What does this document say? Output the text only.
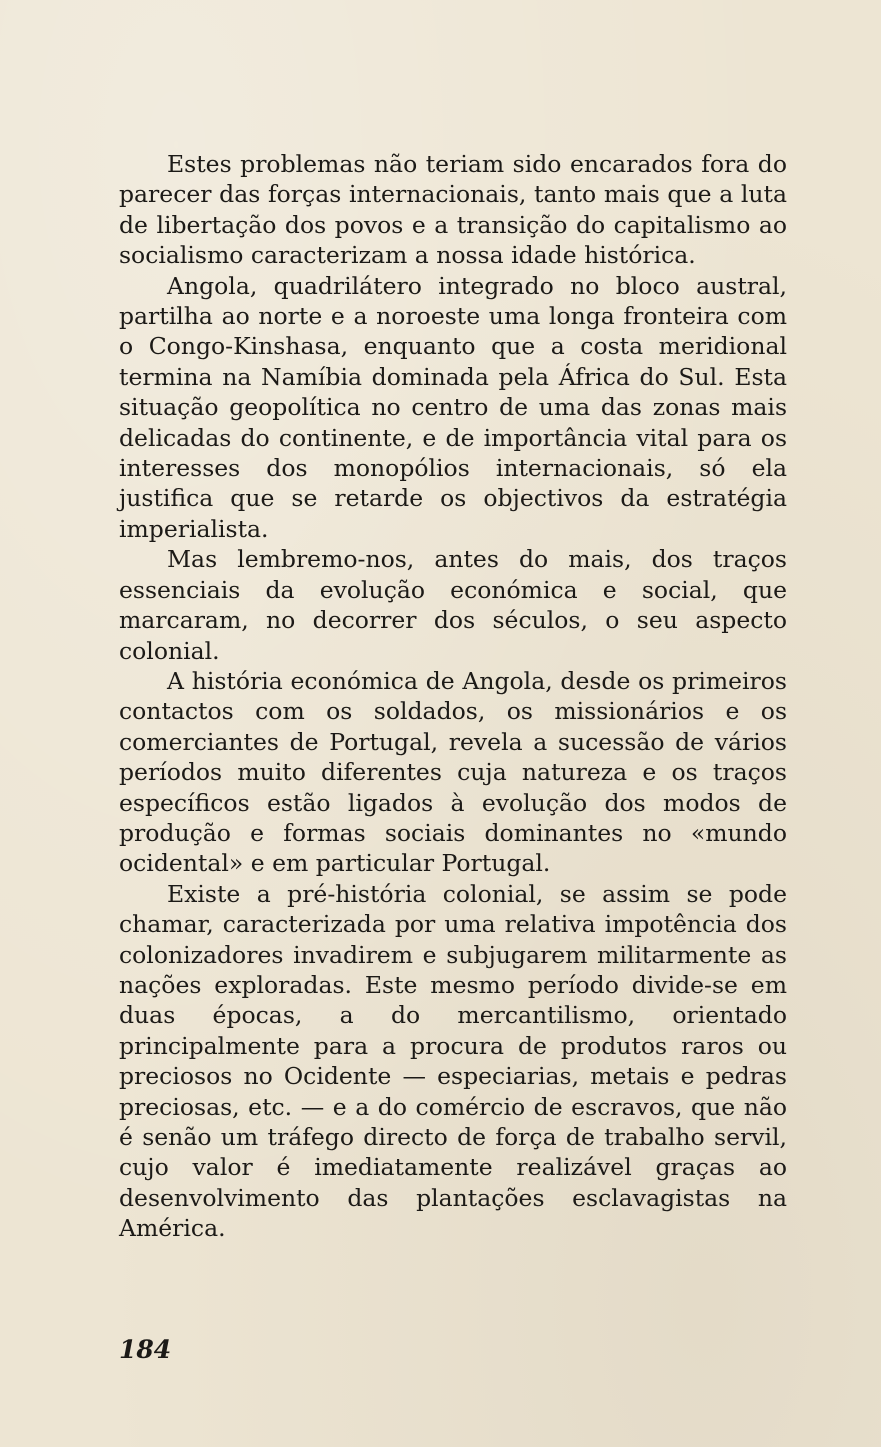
Estes problemas não teriam sido encarados fora do parecer das forças internacionais, tanto mais que a luta de libertação dos povos e a transição do capitalismo ao socialismo caracterizam a nossa idade histórica.

Angola, quadrilátero integrado no bloco austral, partilha ao norte e a noroeste uma longa fronteira com o Congo-Kinshasa, enquanto que a costa meridional termina na Namíbia dominada pela África do Sul. Esta situação geopolítica no centro de uma das zonas mais delicadas do continente, e de importância vital para os interesses dos monopólios internacionais, só ela justifica que se retarde os objectivos da estratégia imperialista.

Mas lembremo-nos, antes do mais, dos traços essenciais da evolução económica e social, que marcaram, no decorrer dos séculos, o seu aspecto colonial.

A história económica de Angola, desde os primeiros contactos com os soldados, os missionários e os comerciantes de Portugal, revela a sucessão de vários períodos muito diferentes cuja natureza e os traços específicos estão ligados à evolução dos modos de produção e formas sociais dominantes no «mundo ocidental» e em particular Portugal.

Existe a pré-história colonial, se assim se pode chamar, caracterizada por uma relativa impotência dos colonizadores invadirem e subjugarem militarmente as nações exploradas. Este mesmo período divide-se em duas épocas, a do mercantilismo, orientado principalmente para a procura de produtos raros ou preciosos no Ocidente — especiarias, metais e pedras preciosas, etc. — e a do comércio de escravos, que não é senão um tráfego directo de força de trabalho servil, cujo valor é imediatamente realizável graças ao desenvolvimento das plantações esclavagistas na América.

184
